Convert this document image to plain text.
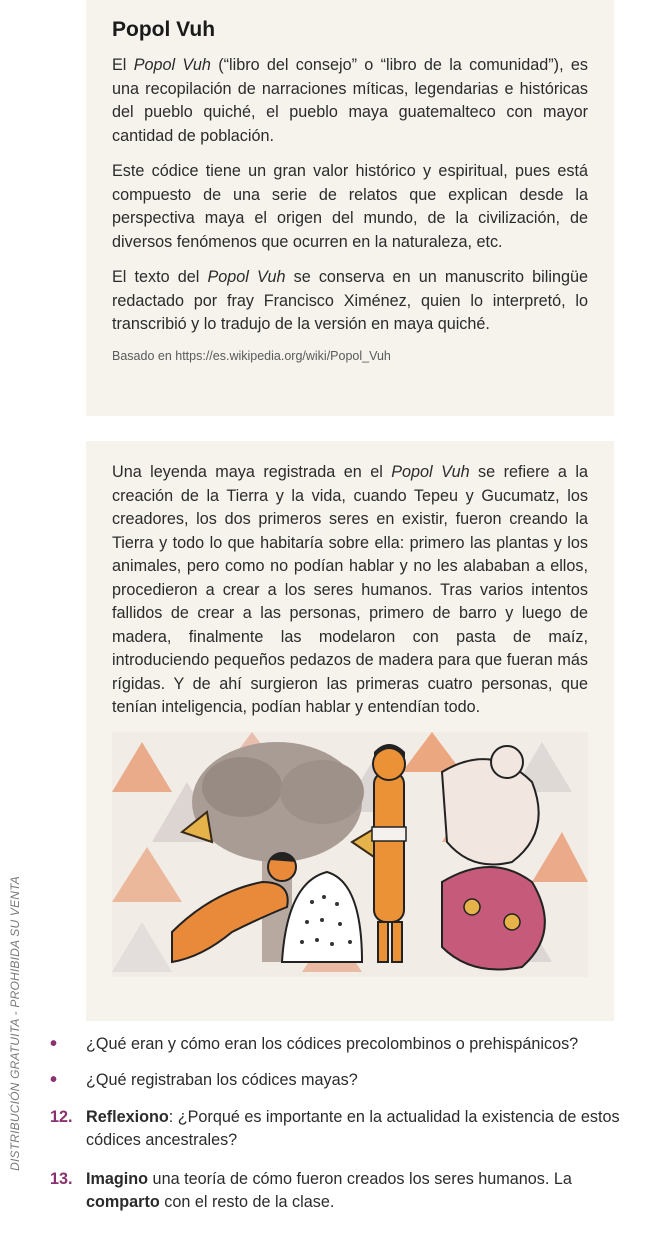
Popol Vuh

El Popol Vuh (“libro del consejo” o “libro de la comunidad”), es una recopilación de narraciones míticas, legendarias e históricas del pueblo quiché, el pueblo maya guatemalteco con mayor cantidad de población.

Este códice tiene un gran valor histórico y espiritual, pues está compuesto de una serie de relatos que explican desde la perspectiva maya el origen del mundo, de la civilización, de diversos fenómenos que ocurren en la naturaleza, etc.

El texto del Popol Vuh se conserva en un manuscrito bilingüe redactado por fray Francisco Ximénez, quien lo interpretó, lo transcribió y lo tradujo de la versión en maya quiché.

Basado en https://es.wikipedia.org/wiki/Popol_Vuh

Una leyenda maya registrada en el Popol Vuh se refiere a la creación de la Tierra y la vida, cuando Tepeu y Gucumatz, los creadores, los dos primeros seres en existir, fueron creando la Tierra y todo lo que habitaría sobre ella: primero las plantas y los animales, pero como no podían hablar y no les alababan a ellos, procedieron a crear a los seres humanos. Tras varios intentos fallidos de crear a las personas, primero de barro y luego de madera, finalmente las modelaron con pasta de maíz, introduciendo pequeños pedazos de madera para que fueran más rígidas. Y de ahí surgieron las primeras cuatro personas, que tenían inteligencia, podían hablar y entendían todo.

DISTRIBUCIÓN GRATUITA - PROHIBIDA SU VENTA • ¿Qué eran y cómo eran los códices precolombinos o prehispánicos?
• ¿Qué registraban los códices mayas?
12. Reflexiono: ¿Porqué es importante en la actualidad la existencia de estos códices ancestrales?
13. Imagino una teoría de cómo fueron creados los seres humanos. La comparto con el resto de la clase.
